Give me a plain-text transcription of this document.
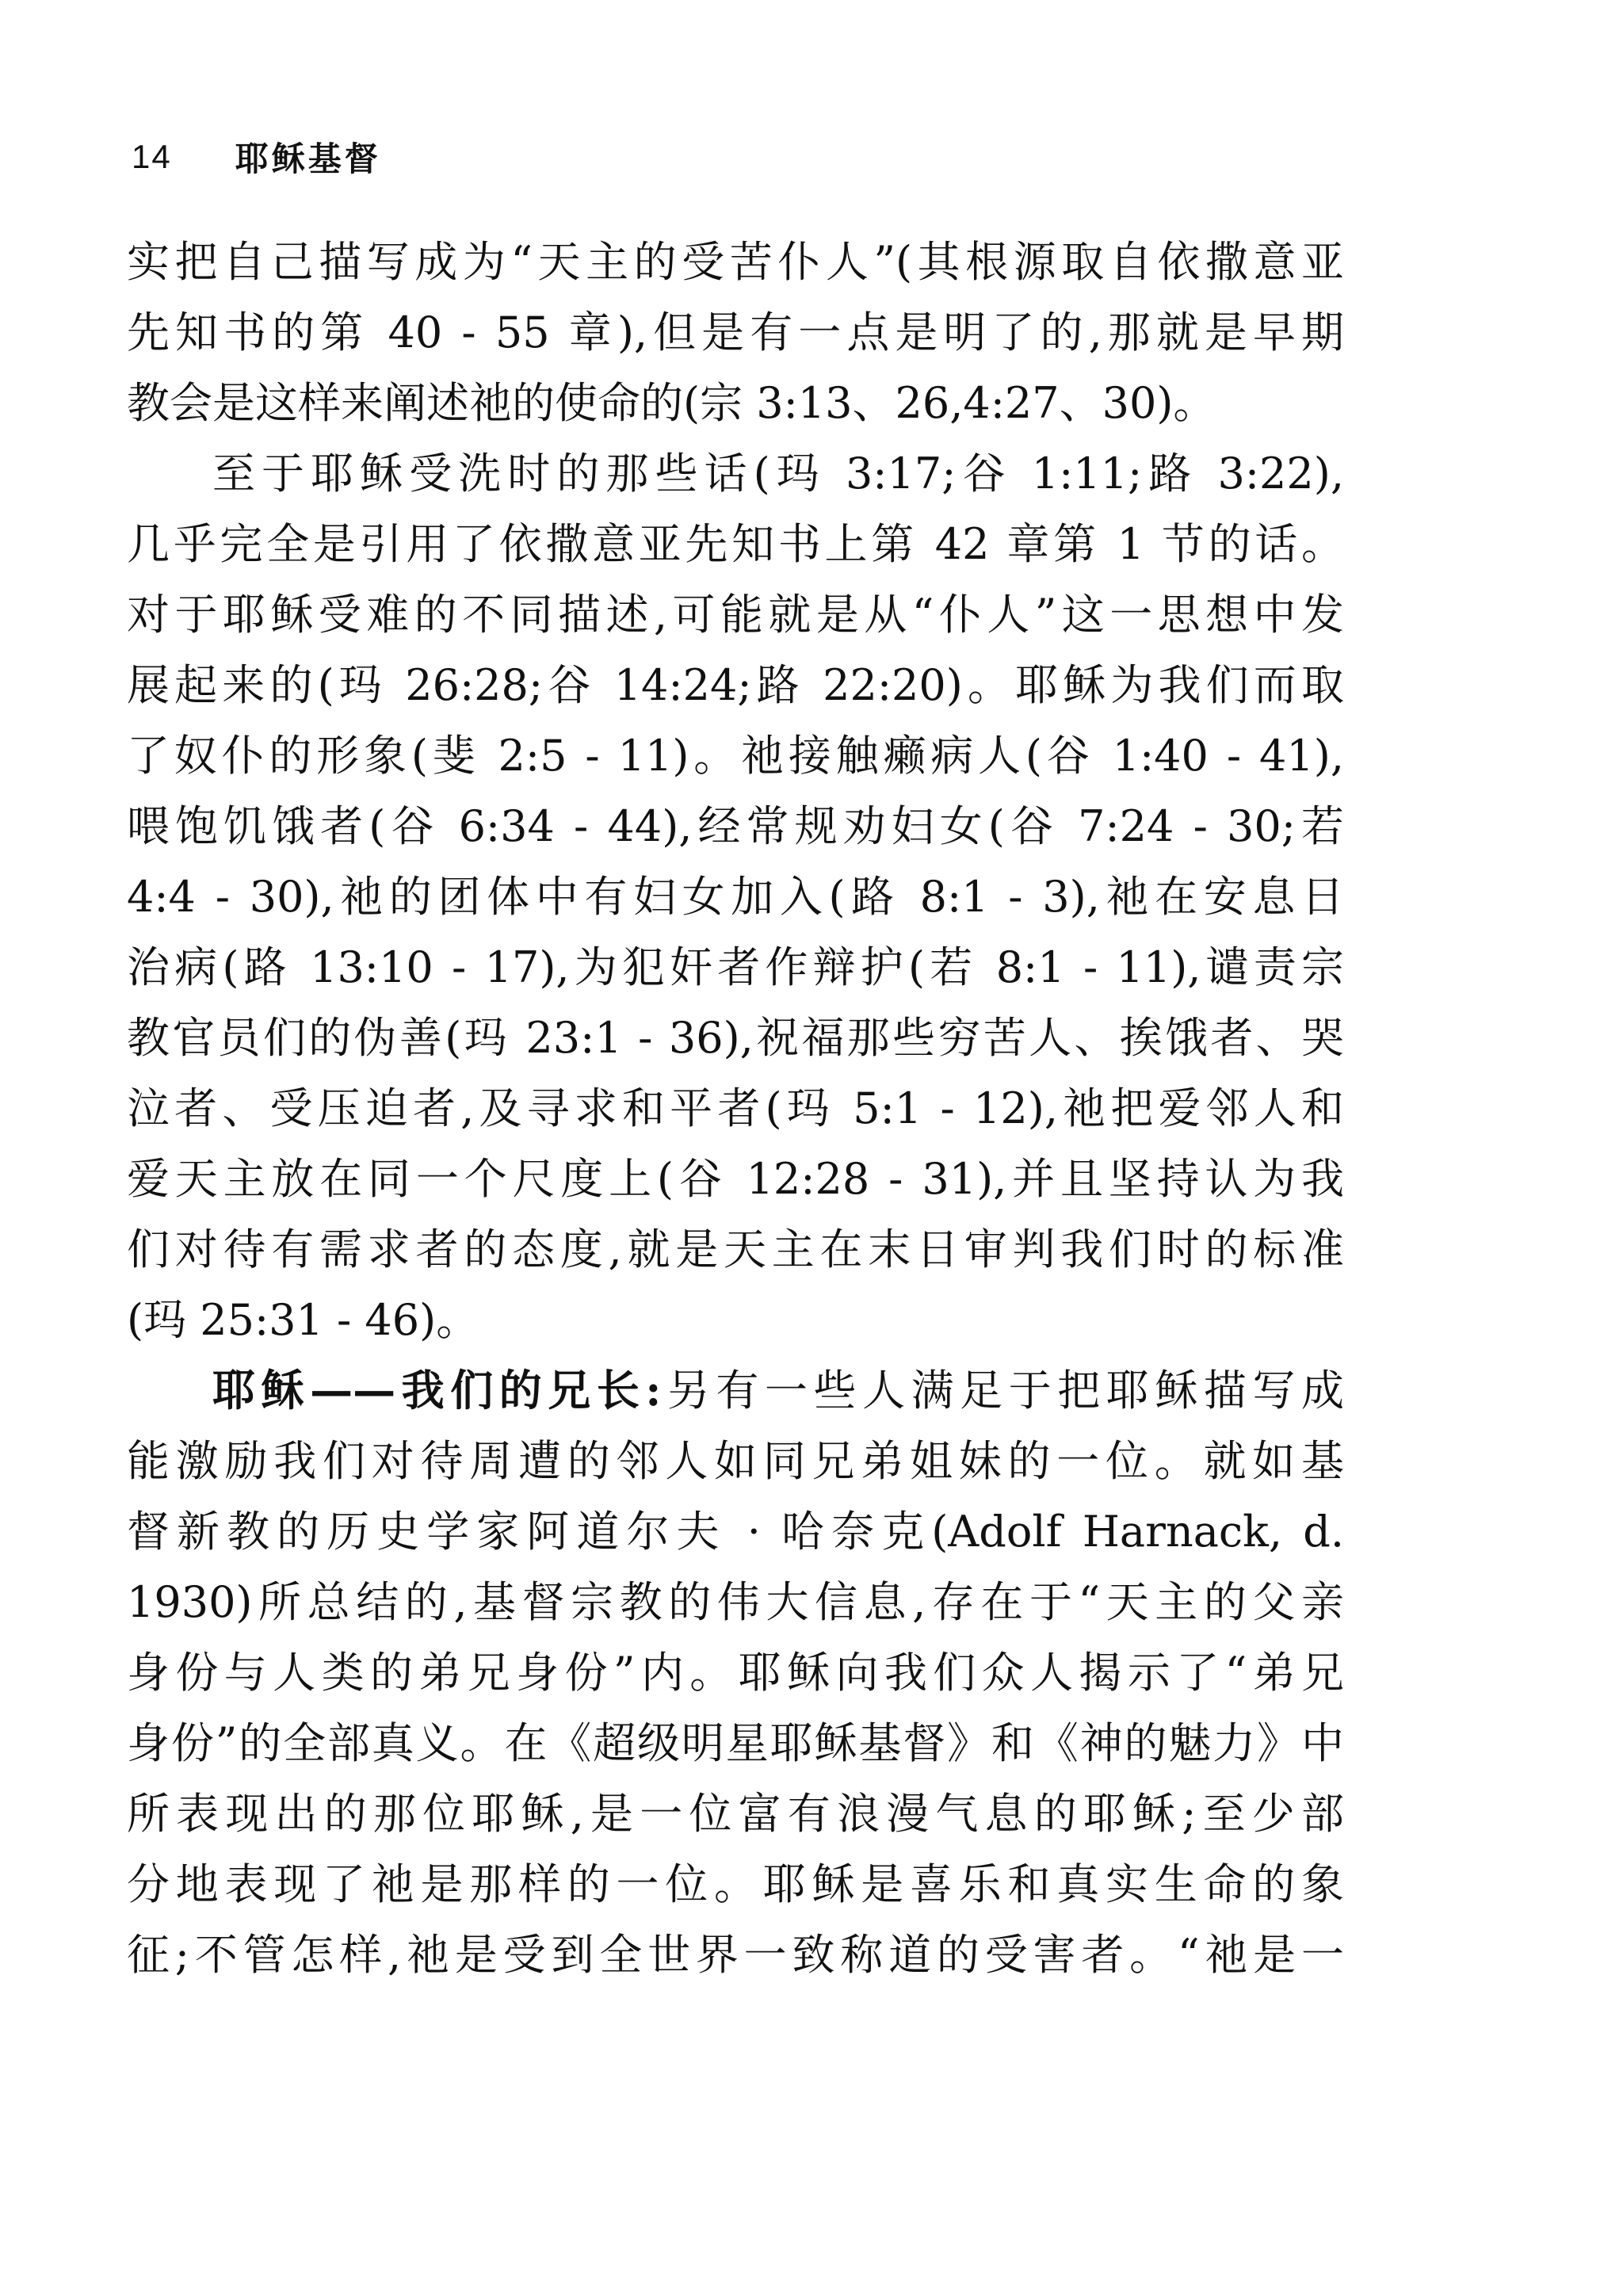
14 耶稣基督
实把自己描写成为“天主的受苦仆人”(其根源取自依撒意亚
先知书的第 40 - 55 章),但是有一点是明了的,那就是早期
教会是这样来阐述祂的使命的(宗 3:13、26,4:27、30)。
至于耶稣受洗时的那些话(玛 3:17;谷 1:11;路 3:22),
几乎完全是引用了依撒意亚先知书上第 42 章第 1 节的话。
对于耶稣受难的不同描述,可能就是从“仆人”这一思想中发
展起来的(玛 26:28;谷 14:24;路 22:20)。耶稣为我们而取
了奴仆的形象(斐 2:5 - 11)。祂接触癞病人(谷 1:40 - 41),
喂饱饥饿者(谷 6:34 - 44),经常规劝妇女(谷 7:24 - 30;若
4:4 - 30),祂的团体中有妇女加入(路 8:1 - 3),祂在安息日
治病(路 13:10 - 17),为犯奸者作辩护(若 8:1 - 11),谴责宗
教官员们的伪善(玛 23:1 - 36),祝福那些穷苦人、挨饿者、哭
泣者、受压迫者,及寻求和平者(玛 5:1 - 12),祂把爱邻人和
爱天主放在同一个尺度上(谷 12:28 - 31),并且坚持认为我
们对待有需求者的态度,就是天主在末日审判我们时的标准
(玛 25:31 - 46)。
耶稣——我们的兄长:另有一些人满足于把耶稣描写成
能激励我们对待周遭的邻人如同兄弟姐妹的一位。就如基
督新教的历史学家阿道尔夫 · 哈奈克(Adolf Harnack, d.
1930)所总结的,基督宗教的伟大信息,存在于“天主的父亲
身份与人类的弟兄身份”内。耶稣向我们众人揭示了“弟兄
身份”的全部真义。在《超级明星耶稣基督》和《神的魅力》中
所表现出的那位耶稣,是一位富有浪漫气息的耶稣;至少部
分地表现了祂是那样的一位。耶稣是喜乐和真实生命的象
征;不管怎样,祂是受到全世界一致称道的受害者。“祂是一
